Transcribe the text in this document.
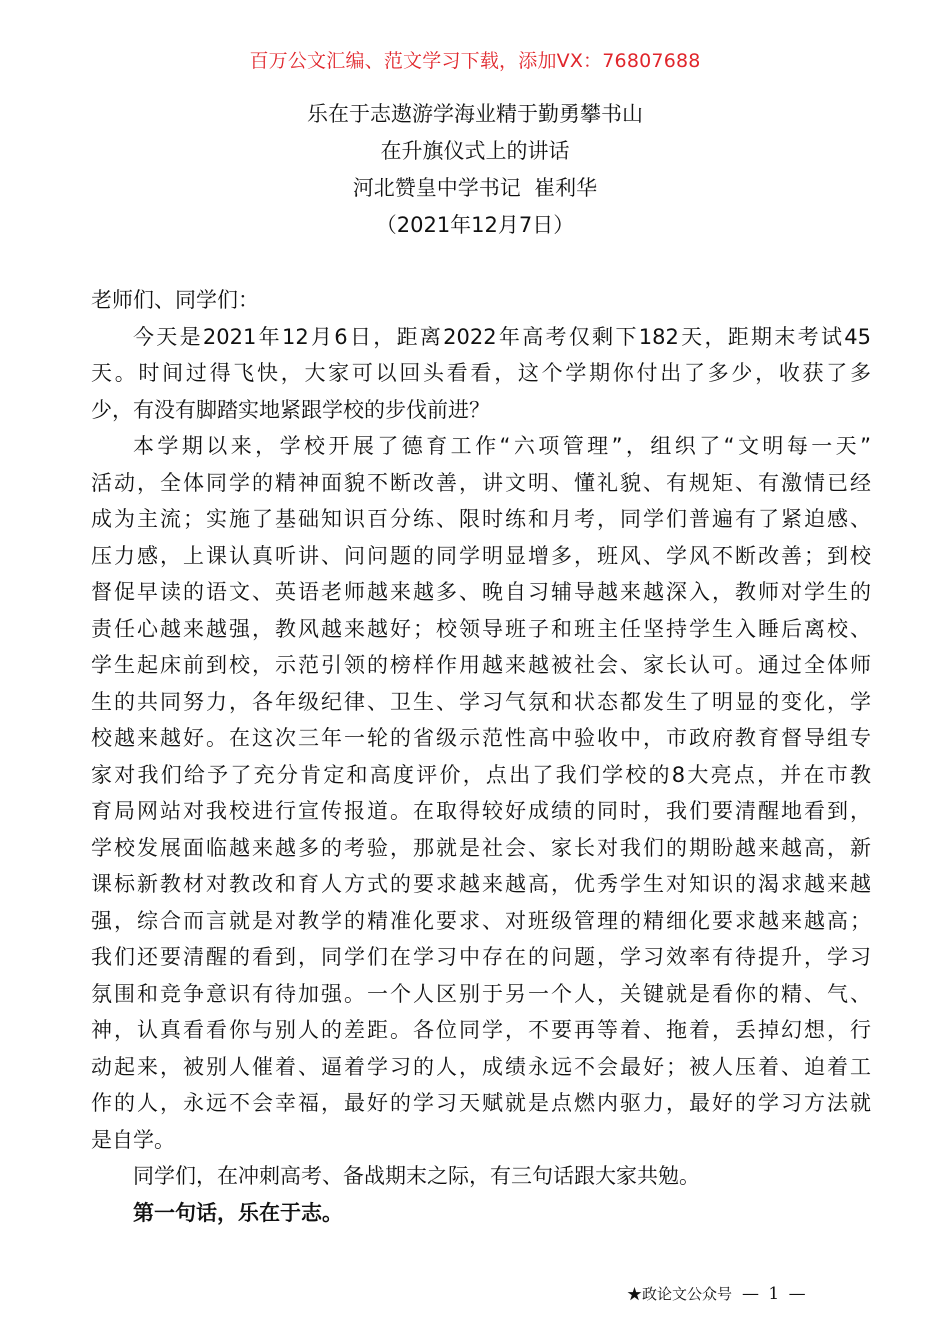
百万公文汇编、范文学习下载，添加VX：76807688
乐在于志遨游学海业精于勤勇攀书山
在升旗仪式上的讲话
河北赞皇中学书记  崔利华
（2021年12月7日）
老师们、同学们：
今天是2021年12月6日，距离2022年高考仅剩下182天，距期末考试45
天。时间过得飞快，大家可以回头看看，这个学期你付出了多少，收获了多
少，有没有脚踏实地紧跟学校的步伐前进？
本学期以来，学校开展了德育工作“六项管理”，组织了“文明每一天”
活动，全体同学的精神面貌不断改善，讲文明、懂礼貌、有规矩、有激情已经
成为主流；实施了基础知识百分练、限时练和月考，同学们普遍有了紧迫感、
压力感，上课认真听讲、问问题的同学明显增多，班风、学风不断改善；到校
督促早读的语文、英语老师越来越多、晚自习辅导越来越深入，教师对学生的
责任心越来越强，教风越来越好；校领导班子和班主任坚持学生入睡后离校、
学生起床前到校，示范引领的榜样作用越来越被社会、家长认可。通过全体师
生的共同努力，各年级纪律、卫生、学习气氛和状态都发生了明显的变化，学
校越来越好。在这次三年一轮的省级示范性高中验收中，市政府教育督导组专
家对我们给予了充分肯定和高度评价，点出了我们学校的8大亮点，并在市教
育局网站对我校进行宣传报道。在取得较好成绩的同时，我们要清醒地看到，
学校发展面临越来越多的考验，那就是社会、家长对我们的期盼越来越高，新
课标新教材对教改和育人方式的要求越来越高，优秀学生对知识的渴求越来越
强，综合而言就是对教学的精准化要求、对班级管理的精细化要求越来越高；
我们还要清醒的看到，同学们在学习中存在的问题，学习效率有待提升，学习
氛围和竞争意识有待加强。一个人区别于另一个人，关键就是看你的精、气、
神，认真看看你与别人的差距。各位同学，不要再等着、拖着，丢掉幻想，行
动起来，被别人催着、逼着学习的人，成绩永远不会最好；被人压着、迫着工
作的人，永远不会幸福，最好的学习天赋就是点燃内驱力，最好的学习方法就
是自学。
同学们，在冲刺高考、备战期末之际，有三句话跟大家共勉。
第一句话，乐在于志。
★政论文公众号 — 1 —
